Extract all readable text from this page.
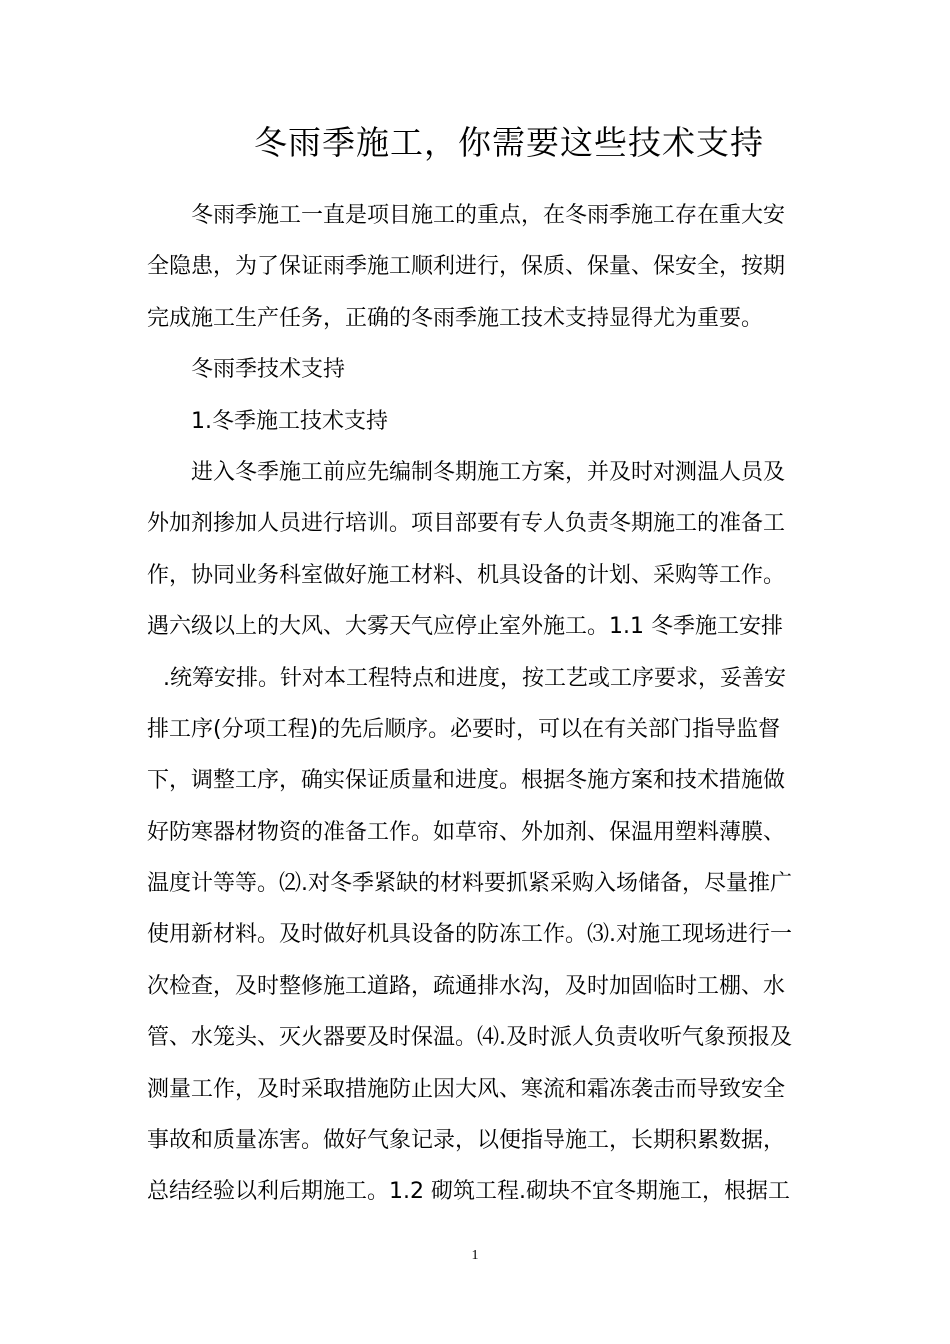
冬雨季施工，你需要这些技术支持
冬雨季施工一直是项目施工的重点，在冬雨季施工存在重大安
全隐患，为了保证雨季施工顺利进行，保质、保量、保安全，按期
完成施工生产任务，正确的冬雨季施工技术支持显得尤为重要。
冬雨季技术支持
1.冬季施工技术支持
进入冬季施工前应先编制冬期施工方案，并及时对测温人员及
外加剂掺加人员进行培训。项目部要有专人负责冬期施工的准备工
作，协同业务科室做好施工材料、机具设备的计划、采购等工作。
遇六级以上的大风、大雾天气应停止室外施工。1.1 冬季施工安排
.统筹安排。针对本工程特点和进度，按工艺或工序要求，妥善安
排工序(分项工程)的先后顺序。必要时，可以在有关部门指导监督
下，调整工序，确实保证质量和进度。根据冬施方案和技术措施做
好防寒器材物资的准备工作。如草帘、外加剂、保温用塑料薄膜、
温度计等等。⑵.对冬季紧缺的材料要抓紧采购入场储备，尽量推广
使用新材料。及时做好机具设备的防冻工作。⑶.对施工现场进行一
次检查，及时整修施工道路，疏通排水沟，及时加固临时工棚、水
管、水笼头、灭火器要及时保温。⑷.及时派人负责收听气象预报及
测量工作，及时采取措施防止因大风、寒流和霜冻袭击而导致安全
事故和质量冻害。做好气象记录，以便指导施工，长期积累数据，
总结经验以利后期施工。1.2 砌筑工程.砌块不宜冬期施工，根据工
1
